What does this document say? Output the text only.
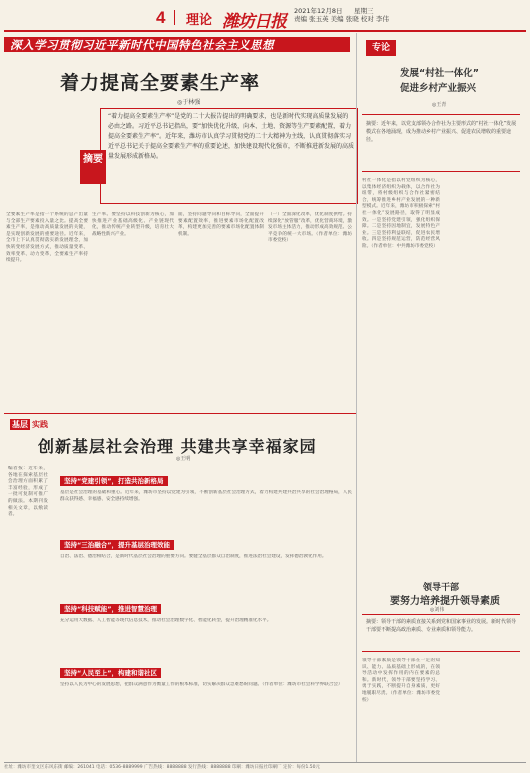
4 理论 潍坊日报
2021年12月8日
责编 张玉英 美编 张晓 校对 李伟
星期三
深入学习贯彻习近平新时代中国特色社会主义思想
着力提高全要素生产率
◎于林强
摘要
“着力提高全要素生产率”是党的二十大报告提出的明确要求，也是新时代实现高质量发展的必由之路。习近平总书记指出，要“加快优化升级，向本、土地、资源等生产要素配置，着力提高全要素生产率”。近年来，潍坊市认真学习贯彻党的二十大精神为主线，认真贯彻落实习近平总书记关于提高全要素生产率的重要论述，加快建设现代化强市，不断推进新发展的高质量发展形成新格局。
全要素生产率是指一个系统的总产出量与全部生产要素投入量之比。提高全要素生产率，是推动高质量发展的关键，是实现创新发展的重要途径。近年来，全市上下认真贯彻落实新发展理念，加快转变经济发展方式，推动质量变革、效率变革、动力变革，全要素生产率持续提升。
生产率。要坚持以科技创新为核心，加快推进产业基础高级化、产业链现代化，推动传统产业转型升级，培育壮大战略性新兴产业。
面，坚持问题导向和目标导向，全面提升要素配置效率，推进要素市场化配置改革，构建更加完善的要素市场化配置体制机制。
（一）全面深化改革，优化制度供给。持续深化“放管服”改革，优化营商环境，激发市场主体活力，推动形成高效规范、公平竞争的统一大市场。（作者单位：潍坊市委党校）
专论
发展“村社一体化”
促进乡村产业振兴
◎王青
摘要：近年来，以党支部领办合作社为主要形式的“村社一体化”发展模式在各地涌现，成为推动乡村产业振兴、促进农民增收的重要途径。
村社一体化是指以村党组织为核心，以集体经济组织为载体，以合作社为纽带，将村级组织与合作社紧密结合，统筹推进乡村产业发展的一种新型模式。近年来，潍坊市积极探索“村社一体化”发展路径，取得了明显成效。一是坚持党建引领，强化组织保障。二是坚持因地制宜，发展特色产业。三是坚持利益联结，促进农民增收。四是坚持规范运营，防范经营风险。（作者单位：中共潍坊市委党校）
领导干部
要努力培养提升领导素质
◎刘伟
摘要：领导干部的素质直接关系到党和国家事业的发展。新时代领导干部要不断提高政治素质、专业素质和领导能力。
领导干部素质是领导干部在一定的知识、能力、品质基础上形成的，在领导活动中发挥作用的内在要素的总和。新时代，领导干部要坚持学习、勇于实践，不断提升自身素质，更好地履职尽责。（作者单位：潍坊市委党校）
基层 实践
创新基层社会治理 共建共享幸福家园
◎王明
编者按：近年来，各地在探索基层社会治理方面积累了丰富经验，形成了一批可复制可推广的做法。本期刊发相关文章，以飨读者。
坚持“党建引领”，打造共治新格局
基层是社会治理的基础和重心。近年来，潍坊市坚持以党建为引领，不断创新基层社会治理方式，着力构建共建共治共享的社会治理格局，人民群众获得感、幸福感、安全感持续增强。
坚持“三治融合”，提升基层治理效能
自治、法治、德治相结合，是新时代基层社会治理的重要方向。要健全基层群众自治制度，推进法治社会建设，发挥德治教化作用。
坚持“科技赋能”，推进智慧治理
充分运用大数据、人工智能等现代信息技术，推动社会治理数字化、智能化转型，提升治理精准化水平。
坚持“人民至上”，构建和谐社区
坚持以人民为中心的发展思想，把群众满意作为衡量工作的根本标准，切实解决群众急难愁盼问题。（作者单位：潍坊市社会科学界联合会）
社址：潍坊市奎文区东风东街 邮编：261041 电话：0536-8889999 广告热线：8888888 发行热线：8888888 印刷：潍坊日报社印刷厂 定价：每份1.50元
